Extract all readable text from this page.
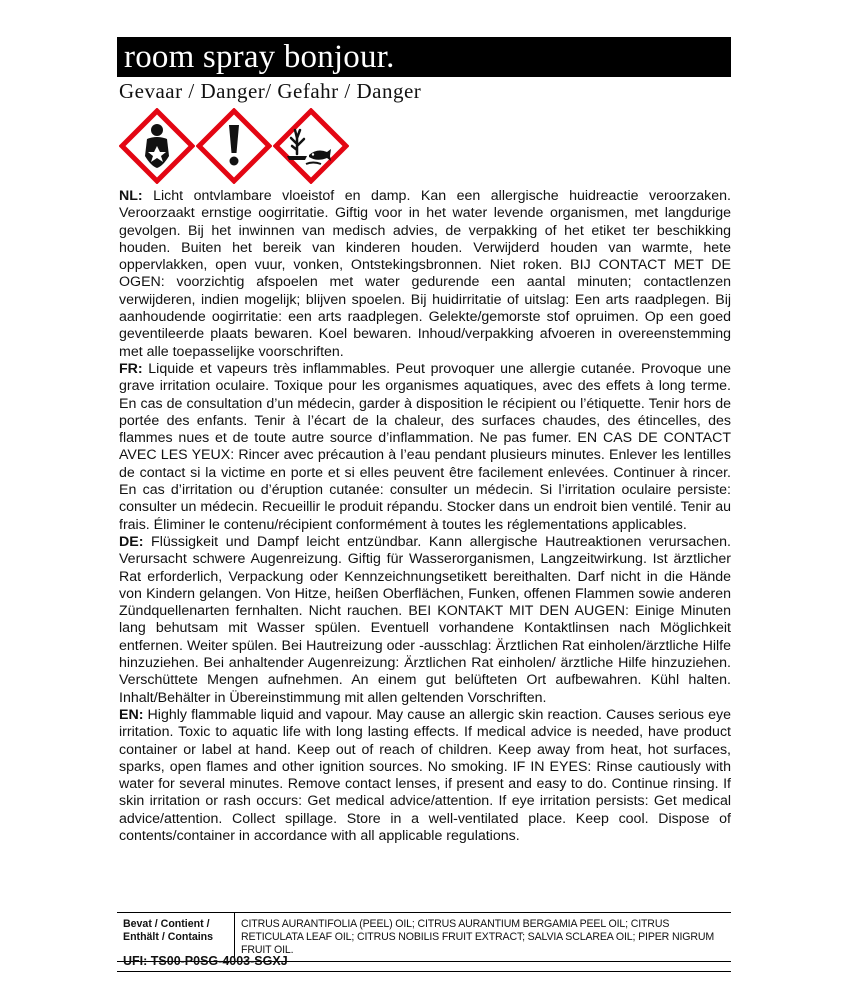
room spray bonjour.
Gevaar / Danger/ Gefahr / Danger

NL: Licht ontvlambare vloeistof en damp. Kan een allergische huidreactie veroorzaken. Veroorzaakt ernstige oogirritatie. Giftig voor in het water levende organismen, met langdurige gevolgen. Bij het inwinnen van medisch advies, de verpakking of het etiket ter beschikking houden. Buiten het bereik van kinderen houden. Verwijderd houden van warmte, hete oppervlakken, open vuur, vonken, Ontstekingsbronnen. Niet roken. BIJ CONTACT MET DE OGEN: voorzichtig afspoelen met water gedurende een aantal minuten; contactlenzen verwijderen, indien mogelijk; blijven spoelen. Bij huidirritatie of uitslag: Een arts raadplegen. Bij aanhoudende oogirritatie: een arts raadplegen. Gelekte/gemorste stof opruimen. Op een goed geventileerde plaats bewaren. Koel bewaren. Inhoud/verpakking afvoeren in overeenstemming met alle toepasselijke voorschriften.

FR: Liquide et vapeurs très inflammables. Peut provoquer une allergie cutanée. Provoque une grave irritation oculaire. Toxique pour les organismes aquatiques, avec des effets à long terme. En cas de consultation d’un médecin, garder à disposition le récipient ou l’étiquette. Tenir hors de portée des enfants. Tenir à l’écart de la chaleur, des surfaces chaudes, des étincelles, des flammes nues et de toute autre source d’inflammation. Ne pas fumer. EN CAS DE CONTACT AVEC LES YEUX: Rincer avec précaution à l’eau pendant plusieurs minutes. Enlever les lentilles de contact si la victime en porte et si elles peuvent être facilement enlevées. Continuer à rincer. En cas d’irritation ou d’éruption cutanée: consulter un médecin. Si l’irritation oculaire persiste: consulter un médecin. Recueillir le produit répandu. Stocker dans un endroit bien ventilé. Tenir au frais. Éliminer le contenu/récipient conformément à toutes les réglementations applicables.

DE: Flüssigkeit und Dampf leicht entzündbar. Kann allergische Hautreaktionen verursachen. Verursacht schwere Augenreizung. Giftig für Wasserorganismen, Langzeitwirkung. Ist ärztlicher Rat erforderlich, Verpackung oder Kennzeichnungsetikett bereithalten. Darf nicht in die Hände von Kindern gelangen. Von Hitze, heißen Oberflächen, Funken, offenen Flammen sowie anderen Zündquellenarten fernhalten. Nicht rauchen. BEI KONTAKT MIT DEN AUGEN: Einige Minuten lang behutsam mit Wasser spülen. Eventuell vorhandene Kontaktlinsen nach Möglichkeit entfernen. Weiter spülen. Bei Hautreizung oder -ausschlag: Ärztlichen Rat einholen/ärztliche Hilfe hinzuziehen. Bei anhaltender Augenreizung: Ärztlichen Rat einholen/ ärztliche Hilfe hinzuziehen. Verschüttete Mengen aufnehmen. An einem gut belüfteten Ort aufbewahren. Kühl halten. Inhalt/Behälter in Übereinstimmung mit allen geltenden Vorschriften.

EN: Highly flammable liquid and vapour. May cause an allergic skin reaction. Causes serious eye irritation. Toxic to aquatic life with long lasting effects. If medical advice is needed, have product container or label at hand. Keep out of reach of children. Keep away from heat, hot surfaces, sparks, open flames and other ignition sources. No smoking. IF IN EYES: Rinse cautiously with water for several minutes. Remove contact lenses, if present and easy to do. Continue rinsing. If skin irritation or rash occurs: Get medical advice/attention. If eye irritation persists: Get medical advice/attention. Collect spillage. Store in a well-ventilated place. Keep cool. Dispose of contents/container in accordance with all applicable regulations.

Bevat / Contient /
Enthält / Contains
CITRUS AURANTIFOLIA (PEEL) OIL; CITRUS AURANTIUM BERGAMIA PEEL OIL; CITRUS RETICULATA LEAF OIL; CITRUS NOBILIS FRUIT EXTRACT; SALVIA SCLAREA OIL; PIPER NIGRUM FRUIT OIL.
UFI: TS00-P0SG-4003-SGXJ
